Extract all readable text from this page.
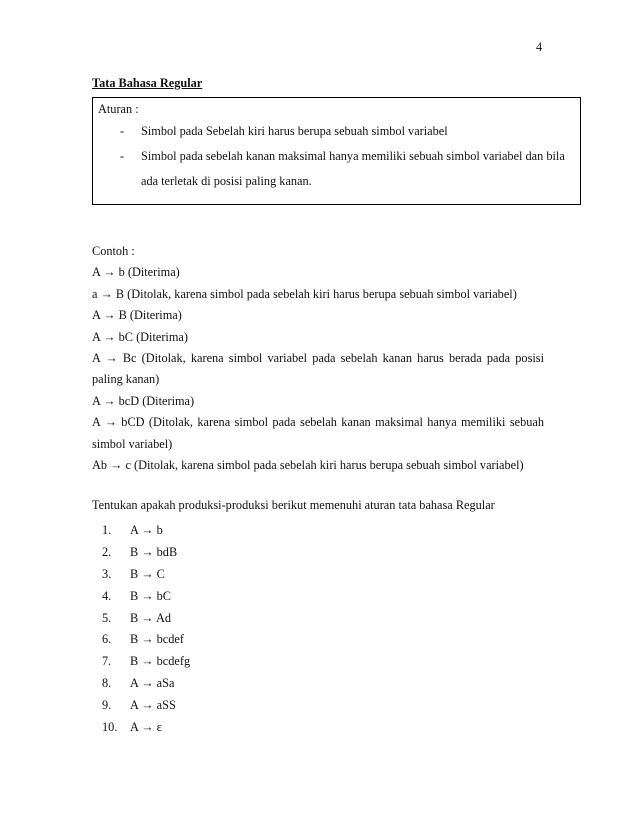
4
Tata Bahasa Regular
Aturan :
- Simbol pada Sebelah kiri harus berupa sebuah simbol variabel
- Simbol pada sebelah kanan maksimal hanya memiliki sebuah simbol variabel dan bila ada terletak di posisi paling kanan.
Contoh :
A → b (Diterima)
a → B (Ditolak, karena simbol pada sebelah kiri harus berupa sebuah simbol variabel)
A → B (Diterima)
A → bC (Diterima)
A → Bc (Ditolak, karena simbol variabel pada sebelah kanan harus berada pada posisi
paling kanan)
A → bcD (Diterima)
A → bCD (Ditolak, karena simbol pada sebelah kanan maksimal hanya memiliki sebuah
simbol variabel)
Ab → c (Ditolak, karena simbol pada sebelah kiri harus berupa sebuah simbol variabel)
Tentukan apakah produksi-produksi berikut memenuhi aturan tata bahasa Regular
1. A → b
2. B → bdB
3. B → C
4. B → bC
5. B → Ad
6. B → bcdef
7. B → bcdefg
8. A → aSa
9. A → aSS
10. A → ε
